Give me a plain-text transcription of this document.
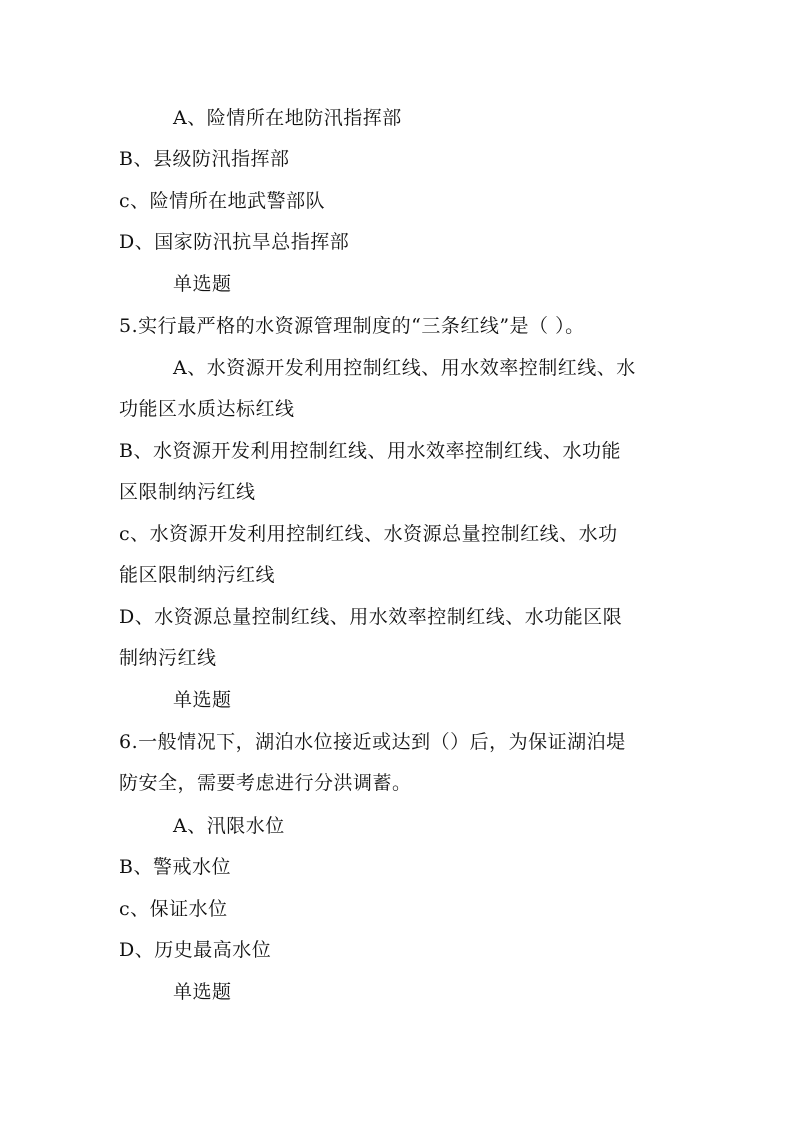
A、险情所在地防汛指挥部
B、县级防汛指挥部
c、险情所在地武警部队
D、国家防汛抗旱总指挥部
单选题
5.实行最严格的水资源管理制度的“三条红线”是（ ）。
A、水资源开发利用控制红线、用水效率控制红线、水
功能区水质达标红线
B、水资源开发利用控制红线、用水效率控制红线、水功能
区限制纳污红线
c、水资源开发利用控制红线、水资源总量控制红线、水功
能区限制纳污红线
D、水资源总量控制红线、用水效率控制红线、水功能区限
制纳污红线
单选题
6.一般情况下，湖泊水位接近或达到（）后，为保证湖泊堤
防安全，需要考虑进行分洪调蓄。
A、汛限水位
B、警戒水位
c、保证水位
D、历史最高水位
单选题
